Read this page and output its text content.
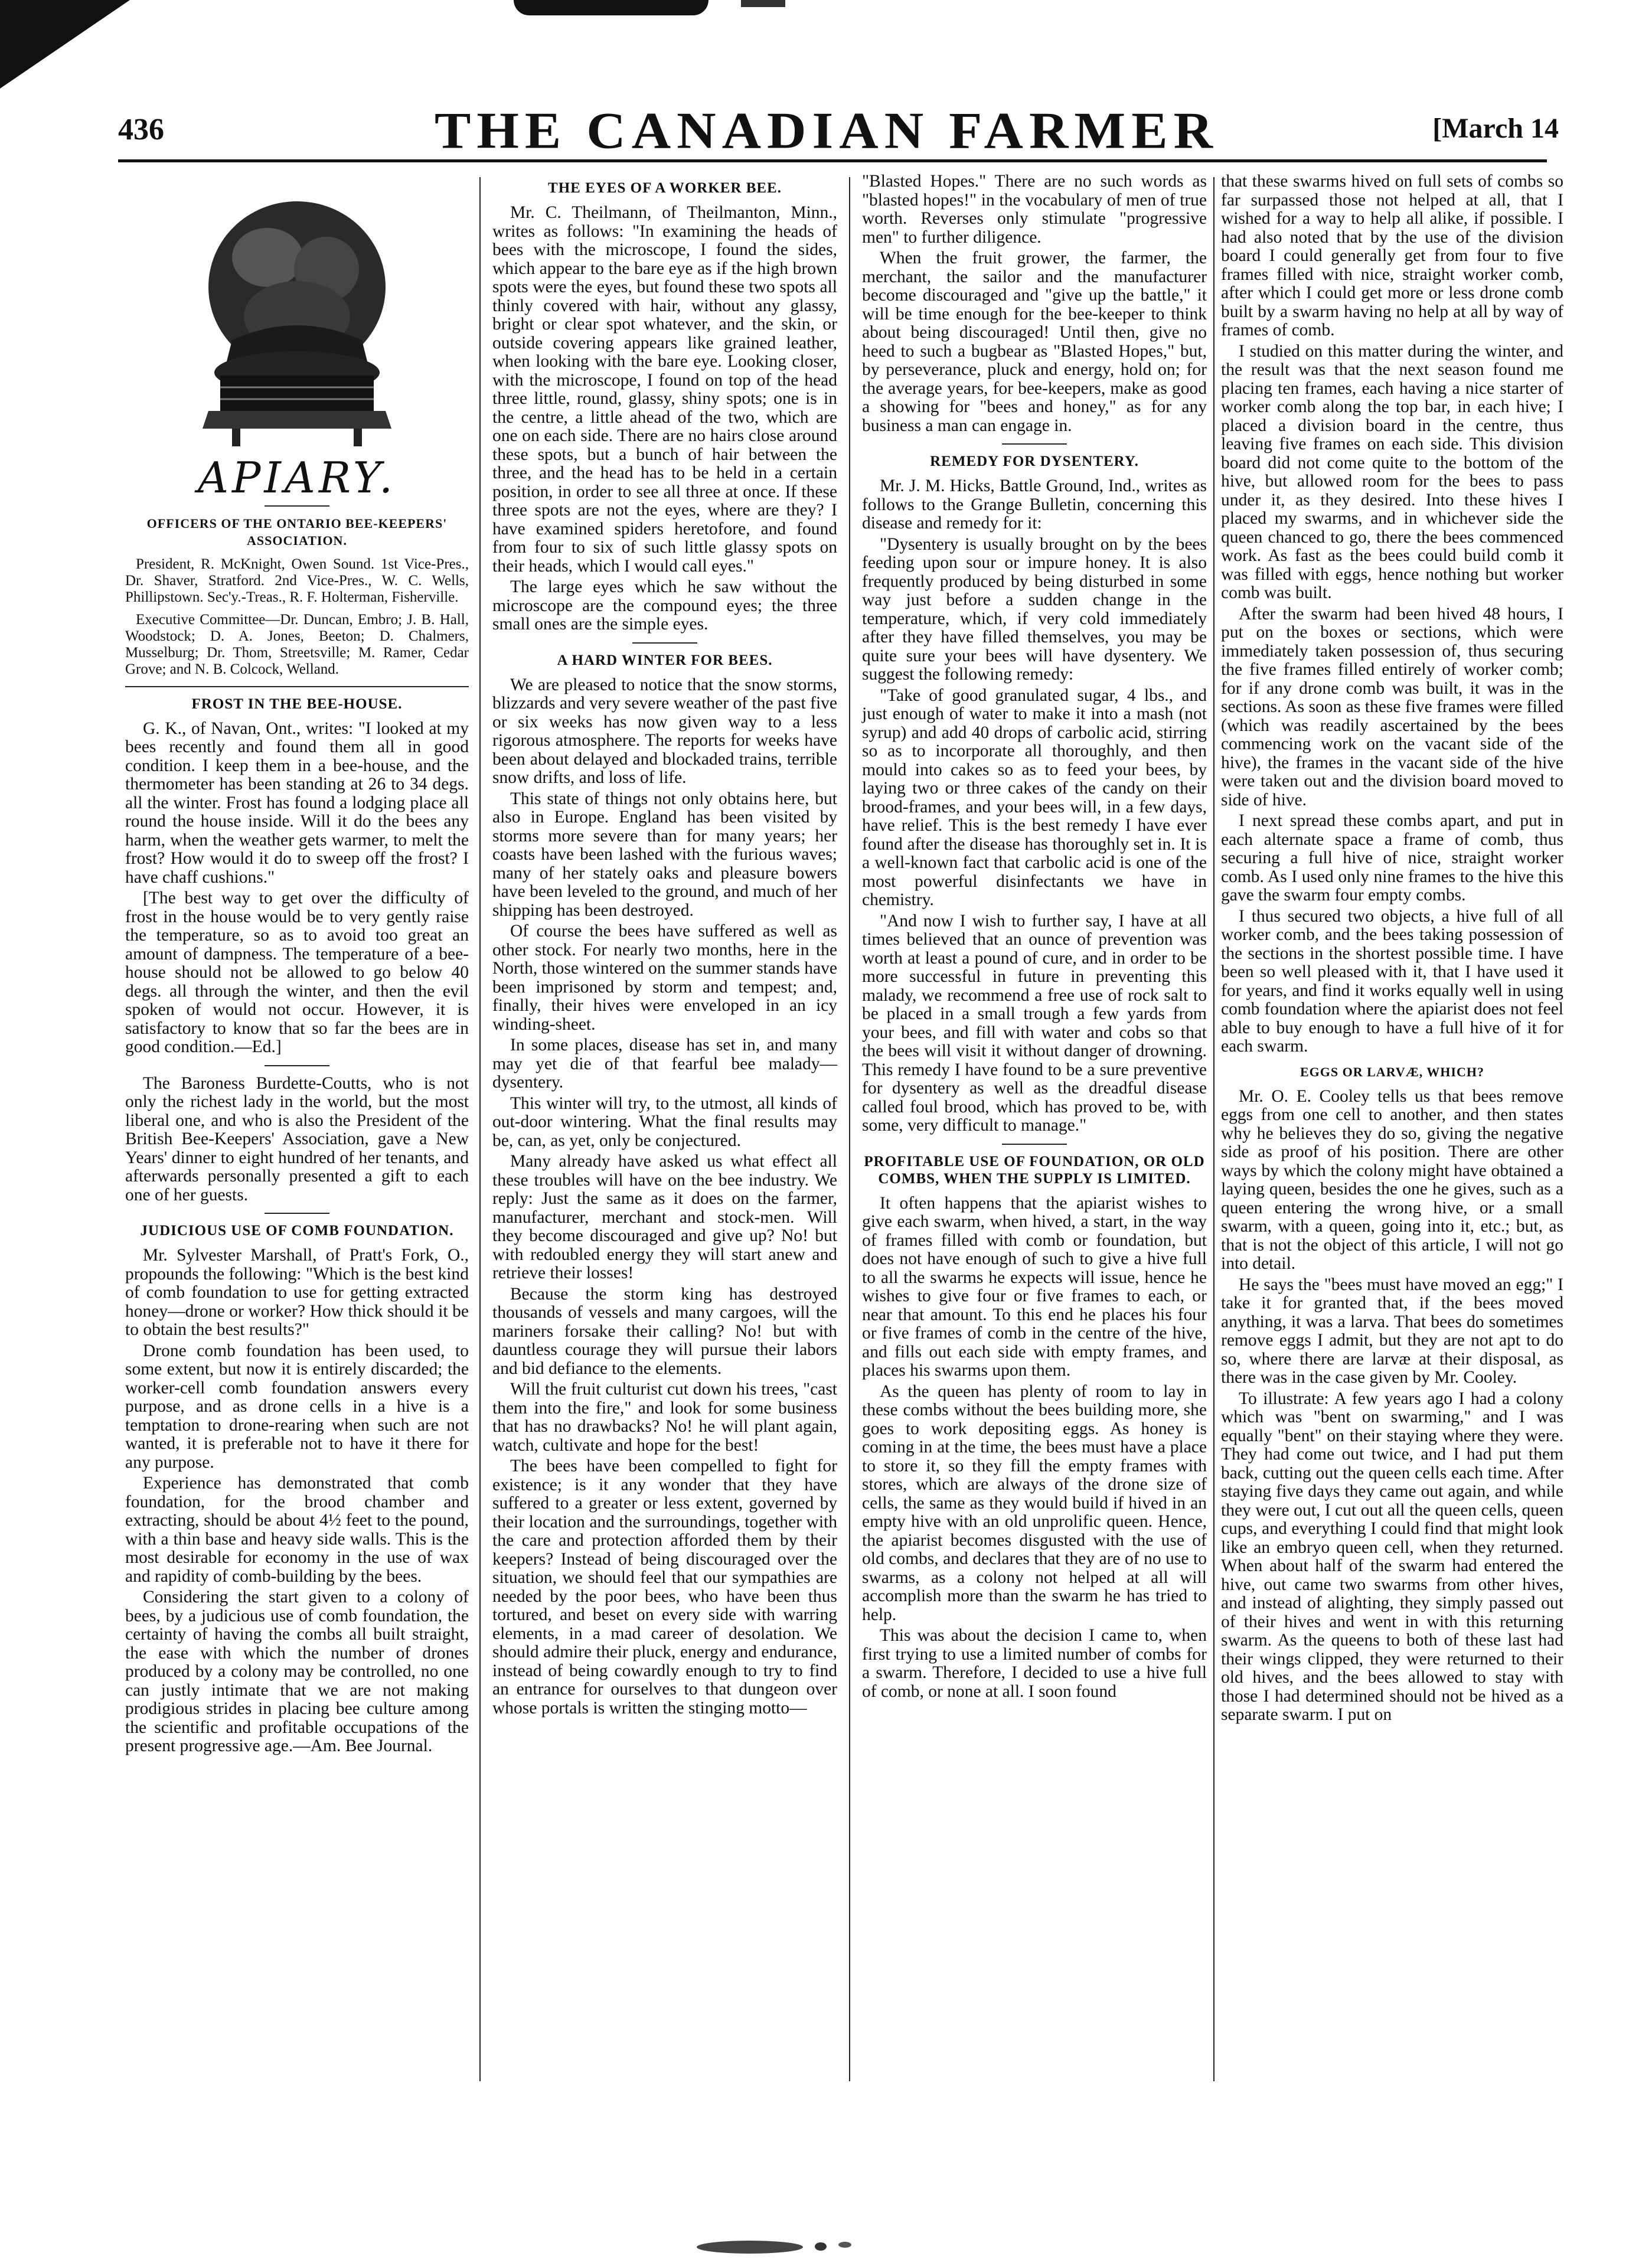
436	THE CANADIAN FARMER	[March 14
APIARY.
OFFICERS OF THE ONTARIO BEE-KEEPERS' ASSOCIATION.

President, R. McKnight, Owen Sound. 1st Vice-Pres., Dr. Shaver, Stratford. 2nd Vice-Pres., W. C. Wells, Phillipstown. Sec'y.-Treas., R. F. Holterman, Fisherville.

Executive Committee—Dr. Duncan, Embro; J. B. Hall, Woodstock; D. A. Jones, Beeton; D. Chalmers, Musselburg; Dr. Thom, Streetsville; M. Ramer, Cedar Grove; and N. B. Colcock, Welland.

FROST IN THE BEE-HOUSE.

G. K., of Navan, Ont., writes: "I looked at my bees recently and found them all in good condition. I keep them in a bee-house, and the thermometer has been standing at 26 to 34 degs. all the winter. Frost has found a lodging place all round the house inside. Will it do the bees any harm, when the weather gets warmer, to melt the frost? How would it do to sweep off the frost? I have chaff cushions."

[The best way to get over the difficulty of frost in the house would be to very gently raise the temperature, so as to avoid too great an amount of dampness. The temperature of a bee-house should not be allowed to go below 40 degs. all through the winter, and then the evil spoken of would not occur. However, it is satisfactory to know that so far the bees are in good condition.—Ed.]

The Baroness Burdette-Coutts, who is not only the richest lady in the world, but the most liberal one, and who is also the President of the British Bee-Keepers' Association, gave a New Years' dinner to eight hundred of her tenants, and afterwards personally presented a gift to each one of her guests.

JUDICIOUS USE OF COMB FOUNDATION.

Mr. Sylvester Marshall, of Pratt's Fork, O., propounds the following: "Which is the best kind of comb foundation to use for getting extracted honey—drone or worker? How thick should it be to obtain the best results?"

Drone comb foundation has been used, to some extent, but now it is entirely discarded; the worker-cell comb foundation answers every purpose, and as drone cells in a hive is a temptation to drone-rearing when such are not wanted, it is preferable not to have it there for any purpose.

Experience has demonstrated that comb foundation, for the brood chamber and extracting, should be about 4½ feet to the pound, with a thin base and heavy side walls. This is the most desirable for economy in the use of wax and rapidity of comb-building by the bees.

Considering the start given to a colony of bees, by a judicious use of comb foundation, the certainty of having the combs all built straight, the ease with which the number of drones produced by a colony may be controlled, no one can justly intimate that we are not making prodigious strides in placing bee culture among the scientific and profitable occupations of the present progressive age.—Am. Bee Journal.

THE EYES OF A WORKER BEE.

Mr. C. Theilmann, of Theilmanton, Minn., writes as follows: "In examining the heads of bees with the microscope, I found the sides, which appear to the bare eye as if the high brown spots were the eyes, but found these two spots all thinly covered with hair, without any glassy, bright or clear spot whatever, and the skin, or outside covering appears like grained leather, when looking with the bare eye. Looking closer, with the microscope, I found on top of the head three little, round, glassy, shiny spots; one is in the centre, a little ahead of the two, which are one on each side. There are no hairs close around these spots, but a bunch of hair between the three, and the head has to be held in a certain position, in order to see all three at once. If these three spots are not the eyes, where are they? I have examined spiders heretofore, and found from four to six of such little glassy spots on their heads, which I would call eyes."

The large eyes which he saw without the microscope are the compound eyes; the three small ones are the simple eyes.

A HARD WINTER FOR BEES.

We are pleased to notice that the snow storms, blizzards and very severe weather of the past five or six weeks has now given way to a less rigorous atmosphere. The reports for weeks have been about delayed and blockaded trains, terrible snow drifts, and loss of life.

This state of things not only obtains here, but also in Europe. England has been visited by storms more severe than for many years; her coasts have been lashed with the furious waves; many of her stately oaks and pleasure bowers have been leveled to the ground, and much of her shipping has been destroyed.

Of course the bees have suffered as well as other stock. For nearly two months, here in the North, those wintered on the summer stands have been imprisoned by storm and tempest; and, finally, their hives were enveloped in an icy winding-sheet.

In some places, disease has set in, and many may yet die of that fearful bee malady—dysentery.

This winter will try, to the utmost, all kinds of out-door wintering. What the final results may be, can, as yet, only be conjectured.

Many already have asked us what effect all these troubles will have on the bee industry. We reply: Just the same as it does on the farmer, manufacturer, merchant and stock-men. Will they become discouraged and give up? No! but with redoubled energy they will start anew and retrieve their losses!

Because the storm king has destroyed thousands of vessels and many cargoes, will the mariners forsake their calling? No! but with dauntless courage they will pursue their labors and bid defiance to the elements.

Will the fruit culturist cut down his trees, "cast them into the fire," and look for some business that has no drawbacks? No! he will plant again, watch, cultivate and hope for the best!

The bees have been compelled to fight for existence; is it any wonder that they have suffered to a greater or less extent, governed by their location and the surroundings, together with the care and protection afforded them by their keepers? Instead of being discouraged over the situation, we should feel that our sympathies are needed by the poor bees, who have been thus tortured, and beset on every side with warring elements, in a mad career of desolation. We should admire their pluck, energy and endurance, instead of being cowardly enough to try to find an entrance for ourselves to that dungeon over whose portals is written the stinging motto—

"Blasted Hopes." There are no such words as "blasted hopes!" in the vocabulary of men of true worth. Reverses only stimulate "progressive men" to further diligence.

When the fruit grower, the farmer, the merchant, the sailor and the manufacturer become discouraged and "give up the battle," it will be time enough for the bee-keeper to think about being discouraged! Until then, give no heed to such a bugbear as "Blasted Hopes," but, by perseverance, pluck and energy, hold on; for the average years, for bee-keepers, make as good a showing for "bees and honey," as for any business a man can engage in.

REMEDY FOR DYSENTERY.

Mr. J. M. Hicks, Battle Ground, Ind., writes as follows to the Grange Bulletin, concerning this disease and remedy for it:

"Dysentery is usually brought on by the bees feeding upon sour or impure honey. It is also frequently produced by being disturbed in some way just before a sudden change in the temperature, which, if very cold immediately after they have filled themselves, you may be quite sure your bees will have dysentery. We suggest the following remedy:

"Take of good granulated sugar, 4 lbs., and just enough of water to make it into a mash (not syrup) and add 40 drops of carbolic acid, stirring so as to incorporate all thoroughly, and then mould into cakes so as to feed your bees, by laying two or three cakes of the candy on their brood-frames, and your bees will, in a few days, have relief. This is the best remedy I have ever found after the disease has thoroughly set in. It is a well-known fact that carbolic acid is one of the most powerful disinfectants we have in chemistry.

"And now I wish to further say, I have at all times believed that an ounce of prevention was worth at least a pound of cure, and in order to be more successful in future in preventing this malady, we recommend a free use of rock salt to be placed in a small trough a few yards from your bees, and fill with water and cobs so that the bees will visit it without danger of drowning. This remedy I have found to be a sure preventive for dysentery as well as the dreadful disease called foul brood, which has proved to be, with some, very difficult to manage."

PROFITABLE USE OF FOUNDATION, OR OLD COMBS, WHEN THE SUPPLY IS LIMITED.

It often happens that the apiarist wishes to give each swarm, when hived, a start, in the way of frames filled with comb or foundation, but does not have enough of such to give a hive full to all the swarms he expects will issue, hence he wishes to give four or five frames to each, or near that amount. To this end he places his four or five frames of comb in the centre of the hive, and fills out each side with empty frames, and places his swarms upon them.

As the queen has plenty of room to lay in these combs without the bees building more, she goes to work depositing eggs. As honey is coming in at the time, the bees must have a place to store it, so they fill the empty frames with stores, which are always of the drone size of cells, the same as they would build if hived in an empty hive with an old unprolific queen. Hence, the apiarist becomes disgusted with the use of old combs, and declares that they are of no use to swarms, as a colony not helped at all will accomplish more than the swarm he has tried to help.

This was about the decision I came to, when first trying to use a limited number of combs for a swarm. Therefore, I decided to use a hive full of comb, or none at all. I soon found

that these swarms hived on full sets of combs so far surpassed those not helped at all, that I wished for a way to help all alike, if possible. I had also noted that by the use of the division board I could generally get from four to five frames filled with nice, straight worker comb, after which I could get more or less drone comb built by a swarm having no help at all by way of frames of comb.

I studied on this matter during the winter, and the result was that the next season found me placing ten frames, each having a nice starter of worker comb along the top bar, in each hive; I placed a division board in the centre, thus leaving five frames on each side. This division board did not come quite to the bottom of the hive, but allowed room for the bees to pass under it, as they desired. Into these hives I placed my swarms, and in whichever side the queen chanced to go, there the bees commenced work. As fast as the bees could build comb it was filled with eggs, hence nothing but worker comb was built.

After the swarm had been hived 48 hours, I put on the boxes or sections, which were immediately taken possession of, thus securing the five frames filled entirely of worker comb; for if any drone comb was built, it was in the sections. As soon as these five frames were filled (which was readily ascertained by the bees commencing work on the vacant side of the hive), the frames in the vacant side of the hive were taken out and the division board moved to side of hive.

I next spread these combs apart, and put in each alternate space a frame of comb, thus securing a full hive of nice, straight worker comb. As I used only nine frames to the hive this gave the swarm four empty combs.

I thus secured two objects, a hive full of all worker comb, and the bees taking possession of the sections in the shortest possible time. I have been so well pleased with it, that I have used it for years, and find it works equally well in using comb foundation where the apiarist does not feel able to buy enough to have a full hive of it for each swarm.

EGGS OR LARVÆ, WHICH?

Mr. O. E. Cooley tells us that bees remove eggs from one cell to another, and then states why he believes they do so, giving the negative side as proof of his position. There are other ways by which the colony might have obtained a laying queen, besides the one he gives, such as a queen entering the wrong hive, or a small swarm, with a queen, going into it, etc.; but, as that is not the object of this article, I will not go into detail.

He says the "bees must have moved an egg;" I take it for granted that, if the bees moved anything, it was a larva. That bees do sometimes remove eggs I admit, but they are not apt to do so, where there are larvæ at their disposal, as there was in the case given by Mr. Cooley.

To illustrate: A few years ago I had a colony which was "bent on swarming," and I was equally "bent" on their staying where they were. They had come out twice, and I had put them back, cutting out the queen cells each time. After staying five days they came out again, and while they were out, I cut out all the queen cells, queen cups, and everything I could find that might look like an embryo queen cell, when they returned. When about half of the swarm had entered the hive, out came two swarms from other hives, and instead of alighting, they simply passed out of their hives and went in with this returning swarm. As the queens to both of these last had their wings clipped, they were returned to their old hives, and the bees allowed to stay with those I had determined should not be hived as a separate swarm. I put on
